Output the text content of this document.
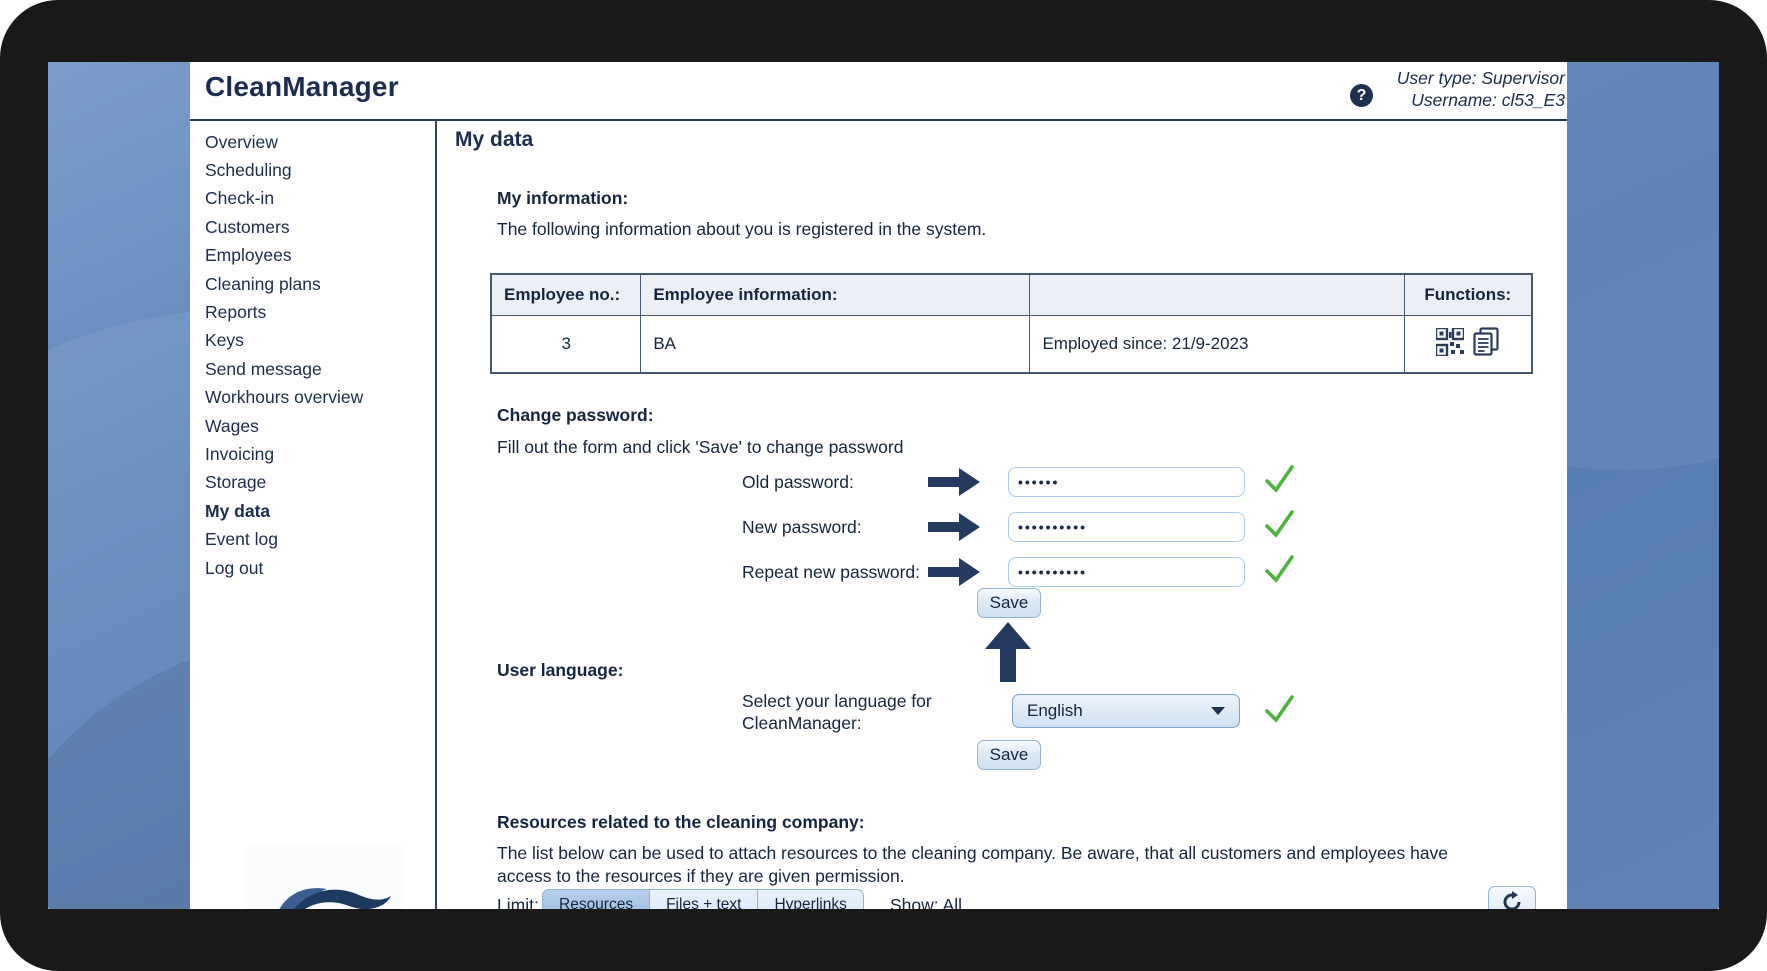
CleanManager	?
User type: Supervisor
Username: cl53_E3
Overview
Scheduling
Check-in
Customers
Employees
Cleaning plans
Reports
Keys
Send message
Workhours overview
Wages
Invoicing
Storage
My data
Event log
Log out
My data
My information:
The following information about you is registered in the system.
Employee no.:	Employee information:		Functions:
3	BA	Employed since: 21/9-2023	
Change password:
Fill out the form and click 'Save' to change password
Old password:
••••••
New password:
••••••••••
Repeat new password:
••••••••••
Save
User language:
Select your language for
CleanManager:
English
Save
Resources related to the cleaning company:
The list below can be used to attach resources to the cleaning company. Be aware, that all customers and employees have
access to the resources if they are given permission.
Limit:	Resources	Files + text	Hyperlinks	Show: All
